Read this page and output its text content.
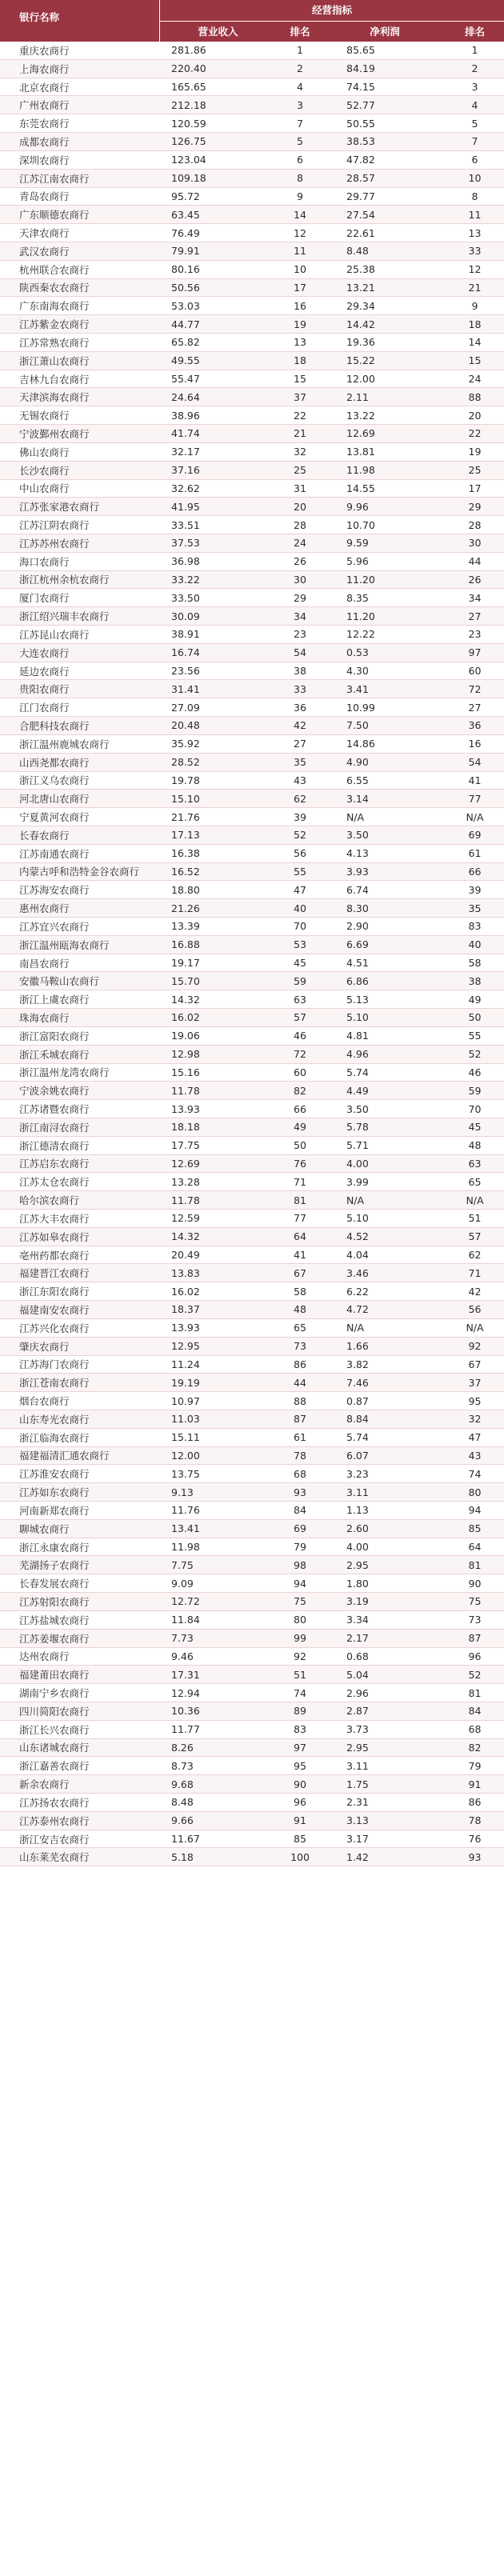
银行名称
经营指标
营业收入	排名	净利润	排名
重庆农商行	281.86	1	85.65	1
上海农商行	220.40	2	84.19	2
北京农商行	165.65	4	74.15	3
广州农商行	212.18	3	52.77	4
东莞农商行	120.59	7	50.55	5
成都农商行	126.75	5	38.53	7
深圳农商行	123.04	6	47.82	6
江苏江南农商行	109.18	8	28.57	10
青岛农商行	95.72	9	29.77	8
广东顺德农商行	63.45	14	27.54	11
天津农商行	76.49	12	22.61	13
武汉农商行	79.91	11	8.48	33
杭州联合农商行	80.16	10	25.38	12
陕西秦农农商行	50.56	17	13.21	21
广东南海农商行	53.03	16	29.34	9
江苏紫金农商行	44.77	19	14.42	18
江苏常熟农商行	65.82	13	19.36	14
浙江萧山农商行	49.55	18	15.22	15
吉林九台农商行	55.47	15	12.00	24
天津滨海农商行	24.64	37	2.11	88
无锡农商行	38.96	22	13.22	20
宁波鄞州农商行	41.74	21	12.69	22
佛山农商行	32.17	32	13.81	19
长沙农商行	37.16	25	11.98	25
中山农商行	32.62	31	14.55	17
江苏张家港农商行	41.95	20	9.96	29
江苏江阴农商行	33.51	28	10.70	28
江苏苏州农商行	37.53	24	9.59	30
海口农商行	36.98	26	5.96	44
浙江杭州余杭农商行	33.22	30	11.20	26
厦门农商行	33.50	29	8.35	34
浙江绍兴瑞丰农商行	30.09	34	11.20	27
江苏昆山农商行	38.91	23	12.22	23
大连农商行	16.74	54	0.53	97
延边农商行	23.56	38	4.30	60
贵阳农商行	31.41	33	3.41	72
江门农商行	27.09	36	10.99	27
合肥科技农商行	20.48	42	7.50	36
浙江温州鹿城农商行	35.92	27	14.86	16
山西尧都农商行	28.52	35	4.90	54
浙江义乌农商行	19.78	43	6.55	41
河北唐山农商行	15.10	62	3.14	77
宁夏黄河农商行	21.76	39	N/A	N/A
长春农商行	17.13	52	3.50	69
江苏南通农商行	16.38	56	4.13	61
内蒙古呼和浩特金谷农商行	16.52	55	3.93	66
江苏海安农商行	18.80	47	6.74	39
惠州农商行	21.26	40	8.30	35
江苏宜兴农商行	13.39	70	2.90	83
浙江温州瓯海农商行	16.88	53	6.69	40
南昌农商行	19.17	45	4.51	58
安徽马鞍山农商行	15.70	59	6.86	38
浙江上虞农商行	14.32	63	5.13	49
珠海农商行	16.02	57	5.10	50
浙江富阳农商行	19.06	46	4.81	55
浙江禾城农商行	12.98	72	4.96	52
浙江温州龙湾农商行	15.16	60	5.74	46
宁波余姚农商行	11.78	82	4.49	59
江苏诸暨农商行	13.93	66	3.50	70
浙江南浔农商行	18.18	49	5.78	45
浙江德清农商行	17.75	50	5.71	48
江苏启东农商行	12.69	76	4.00	63
江苏太仓农商行	13.28	71	3.99	65
哈尔滨农商行	11.78	81	N/A	N/A
江苏大丰农商行	12.59	77	5.10	51
江苏如皋农商行	14.32	64	4.52	57
亳州药都农商行	20.49	41	4.04	62
福建晋江农商行	13.83	67	3.46	71
浙江东阳农商行	16.02	58	6.22	42
福建南安农商行	18.37	48	4.72	56
江苏兴化农商行	13.93	65	N/A	N/A
肇庆农商行	12.95	73	1.66	92
江苏海门农商行	11.24	86	3.82	67
浙江苍南农商行	19.19	44	7.46	37
烟台农商行	10.97	88	0.87	95
山东寿光农商行	11.03	87	8.84	32
浙江临海农商行	15.11	61	5.74	47
福建福清汇通农商行	12.00	78	6.07	43
江苏淮安农商行	13.75	68	3.23	74
江苏如东农商行	9.13	93	3.11	80
河南新郑农商行	11.76	84	1.13	94
聊城农商行	13.41	69	2.60	85
浙江永康农商行	11.98	79	4.00	64
芜湖扬子农商行	7.75	98	2.95	81
长春发展农商行	9.09	94	1.80	90
江苏射阳农商行	12.72	75	3.19	75
江苏盐城农商行	11.84	80	3.34	73
江苏姜堰农商行	7.73	99	2.17	87
达州农商行	9.46	92	0.68	96
福建莆田农商行	17.31	51	5.04	52
湖南宁乡农商行	12.94	74	2.96	81
四川简阳农商行	10.36	89	2.87	84
浙江长兴农商行	11.77	83	3.73	68
山东诸城农商行	8.26	97	2.95	82
浙江嘉善农商行	8.73	95	3.11	79
新余农商行	9.68	90	1.75	91
江苏扬农农商行	8.48	96	2.31	86
江苏泰州农商行	9.66	91	3.13	78
浙江安吉农商行	11.67	85	3.17	76
山东莱芜农商行	5.18	100	1.42	93
